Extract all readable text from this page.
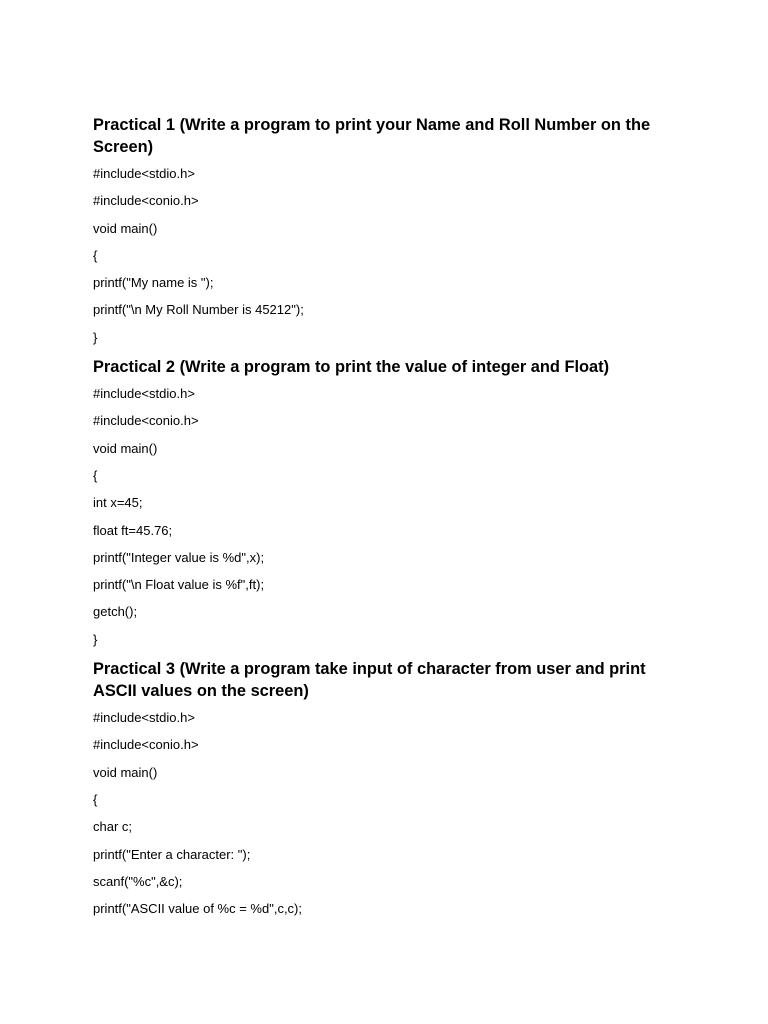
Practical 1 (Write a program to print your Name and Roll Number on the Screen)
#include<stdio.h>
#include<conio.h>
void main()
{
printf("My name is ");
printf("\n My Roll Number is 45212");
}
Practical 2 (Write a program to print the value of integer and Float)
#include<stdio.h>
#include<conio.h>
void main()
{
int x=45;
float ft=45.76;
printf("Integer value is %d",x);
printf("\n Float value is %f",ft);
getch();
}
Practical 3 (Write a program take input of character from user and print ASCII values on the screen)
#include<stdio.h>
#include<conio.h>
void main()
{
char c;
printf("Enter a character: ");
scanf("%c",&c);
printf("ASCII value of %c = %d",c,c);
